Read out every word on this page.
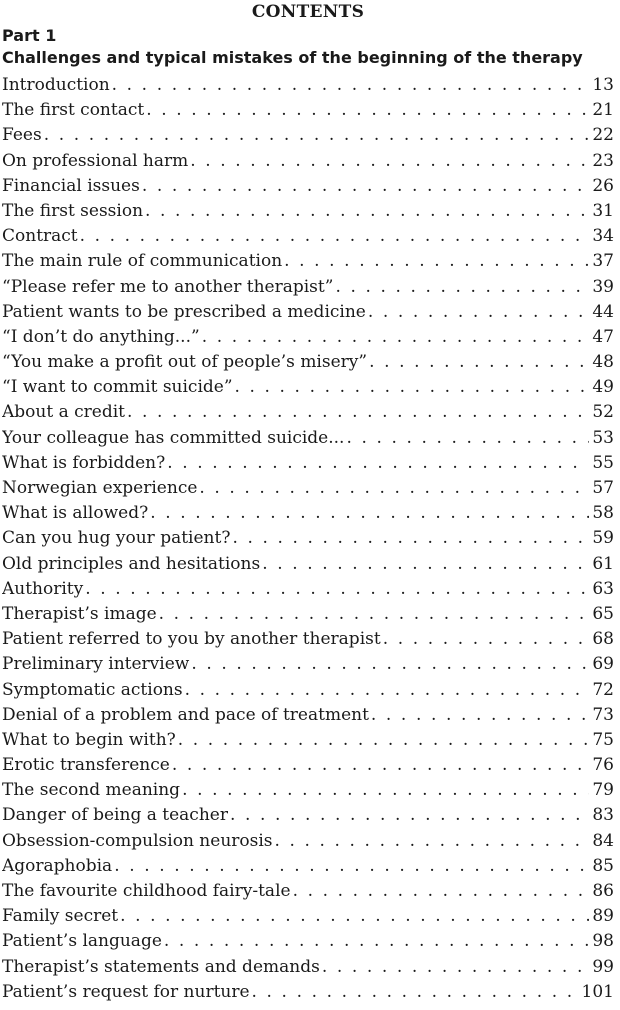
CONTENTS
Part 1
Challenges and typical mistakes of the beginning of the therapy
Introduction . . .	13
The first contact . . .	21
Fees . . .	22
On professional harm . . .	23
Financial issues . . .	26
The first session . . .	31
Contract . . .	34
The main rule of communication . . .	37
“Please refer me to another therapist” . . .	39
Patient wants to be prescribed a medicine . . .	44
“I don’t do anything...” . . .	47
“You make a profit out of people’s misery” . . .	48
“I want to commit suicide” . . .	49
About a credit . . .	52
Your colleague has committed suicide... . . .	53
What is forbidden? . . .	55
Norwegian experience . . .	57
What is allowed? . . .	58
Can you hug your patient? . . .	59
Old principles and hesitations . . .	61
Authority . . .	63
Therapist’s image . . .	65
Patient referred to you by another therapist . . .	68
Preliminary interview . . .	69
Symptomatic actions . . .	72
Denial of a problem and pace of treatment . . .	73
What to begin with? . . .	75
Erotic transference . . .	76
The second meaning . . .	79
Danger of being a teacher . . .	83
Obsession-compulsion neurosis . . .	84
Agoraphobia . . .	85
The favourite childhood fairy-tale . . .	86
Family secret . . .	89
Patient’s language . . .	98
Therapist’s statements and demands . . .	99
Patient’s request for nurture . . .	101
